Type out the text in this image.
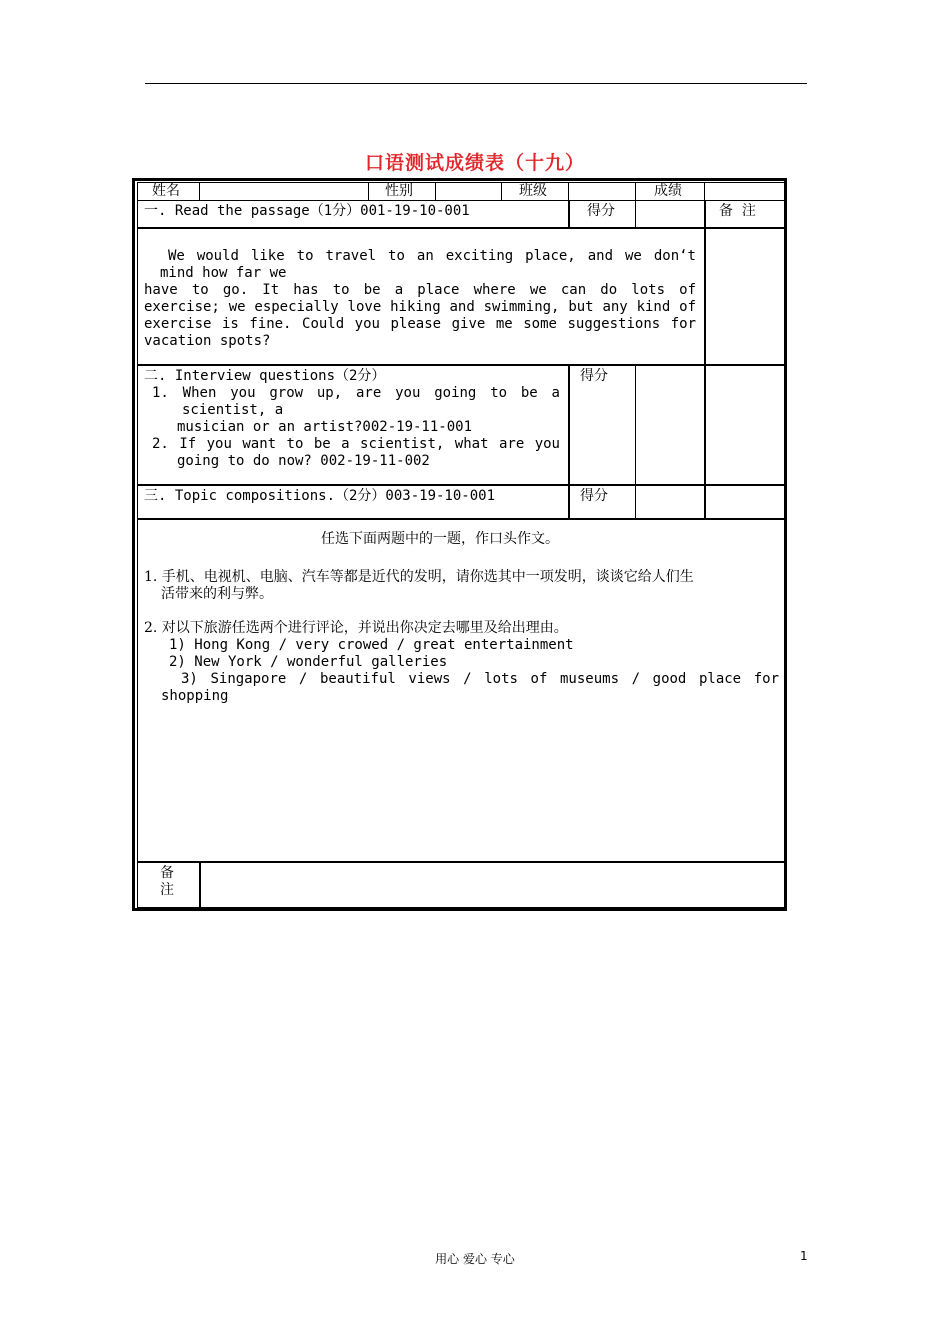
口语测试成绩表（十九）
姓名	性别	班级	成绩
一. Read the passage（1分）001-19-10-001	得分	备  注
We would like to travel to an exciting place, and we don‘t
mind how far we
have to go. It has to be a place where we can do lots of
exercise; we especially love hiking and swimming, but any kind of
exercise is fine. Could you please give me some suggestions for
vacation spots?
二. Interview questions（2分）	得分
1. When you grow up, are you going to be a
scientist, a
musician or an artist?002-19-11-001
2. If you want to be a scientist, what are you
going to do now? 002-19-11-002
三. Topic compositions.（2分）003-19-10-001	得分
任选下面两题中的一题，作口头作文。
1. 手机、电视机、电脑、汽车等都是近代的发明，请你选其中一项发明，谈谈它给人们生
活带来的利与弊。
2. 对以下旅游任选两个进行评论，并说出你决定去哪里及给出理由。
1) Hong Kong / very crowed / great entertainment
2) New York / wonderful galleries
3) Singapore / beautiful views / lots of museums / good place for
shopping
备
注
用心 爱心 专心	1
